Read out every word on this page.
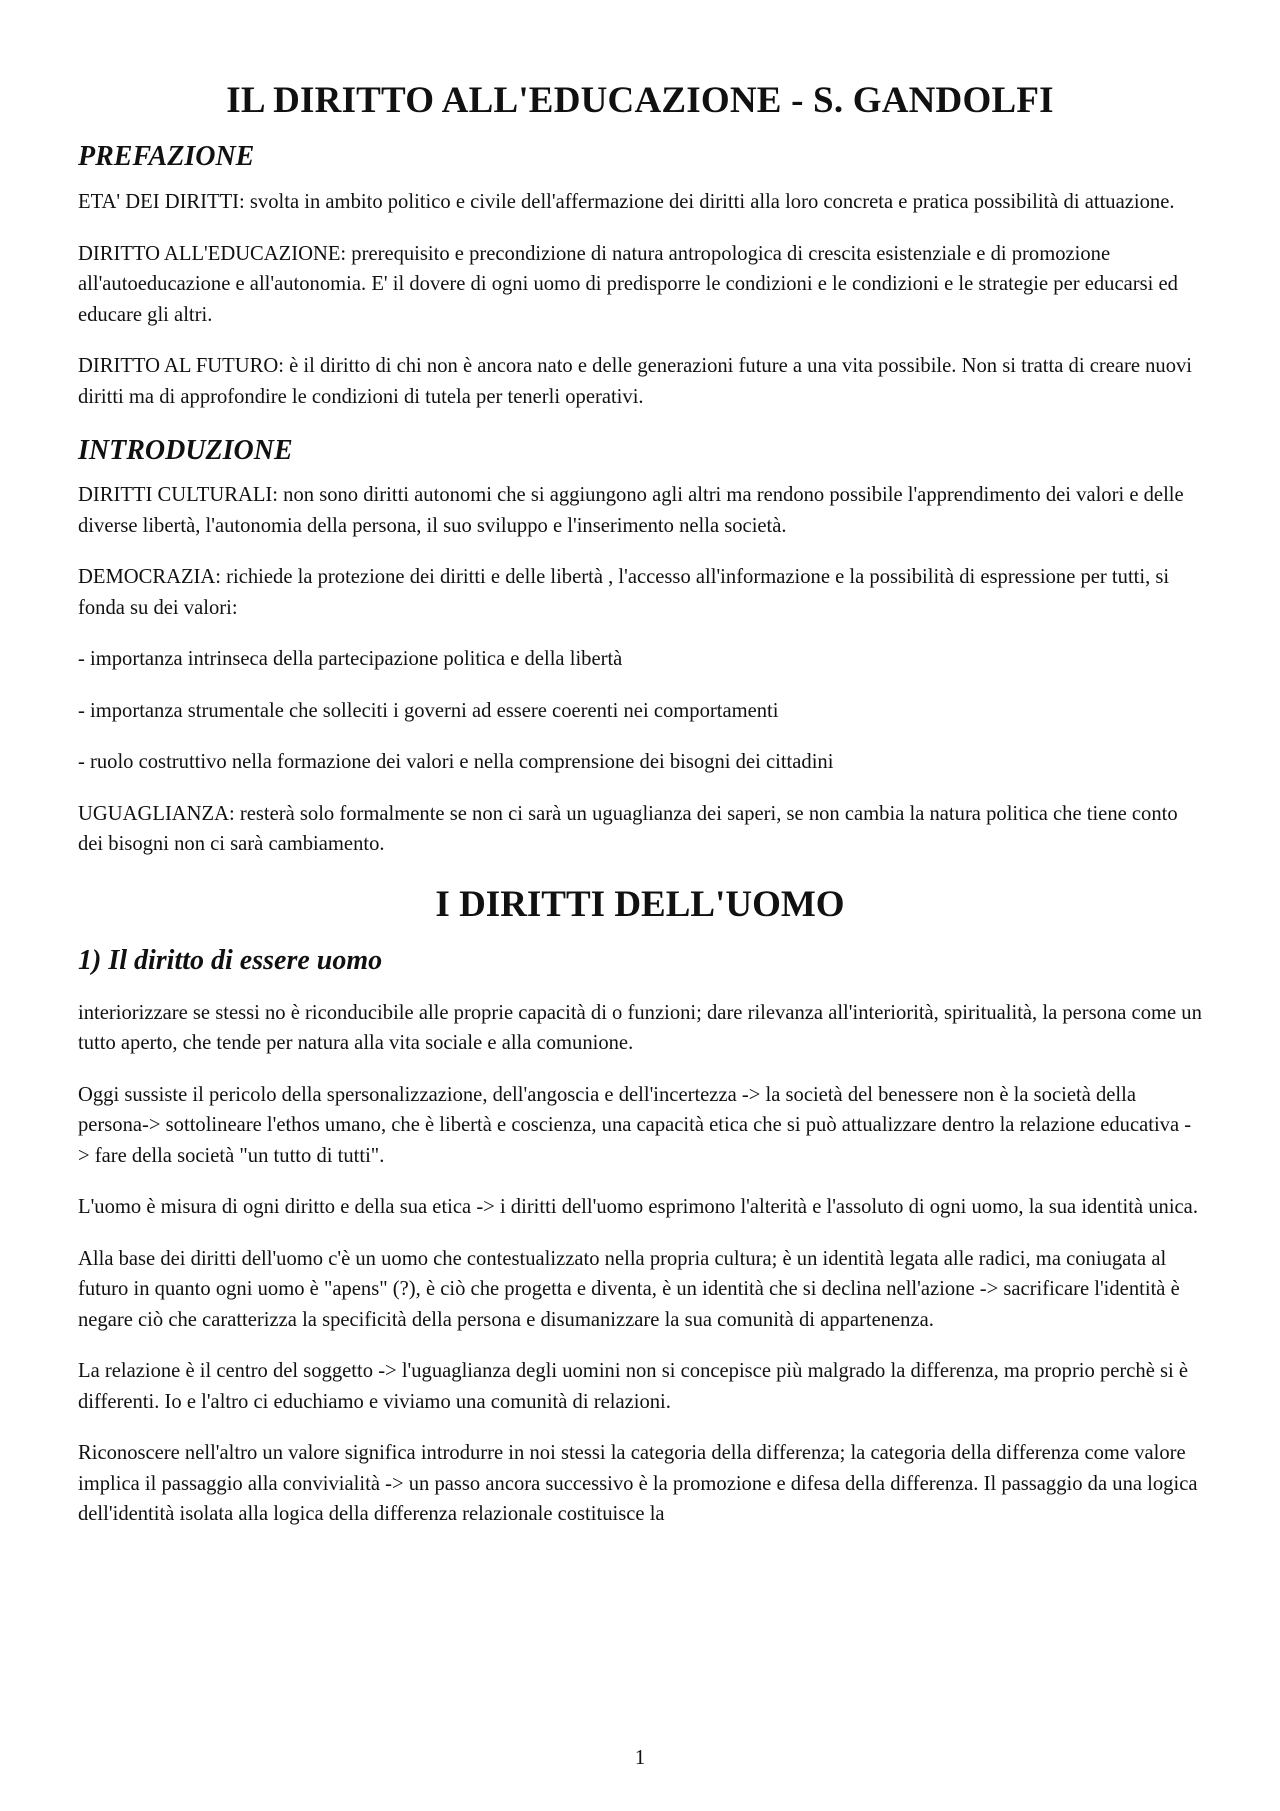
IL DIRITTO ALL'EDUCAZIONE - S. GANDOLFI
PREFAZIONE

ETA' DEI DIRITTI: svolta in ambito politico e civile dell'affermazione dei diritti alla loro concreta e pratica possibilità di attuazione.

DIRITTO ALL'EDUCAZIONE: prerequisito e precondizione di natura antropologica di crescita esistenziale e di promozione all'autoeducazione e all'autonomia. E' il dovere di ogni uomo di predisporre le condizioni e le condizioni e le strategie per educarsi ed educare gli altri.

DIRITTO AL FUTURO: è il diritto di chi non è ancora nato e delle generazioni future a una vita possibile. Non si tratta di creare nuovi diritti ma di approfondire le condizioni di tutela per tenerli operativi.

INTRODUZIONE

DIRITTI CULTURALI: non sono diritti autonomi che si aggiungono agli altri ma rendono possibile l'apprendimento dei valori e delle diverse libertà, l'autonomia della persona, il suo sviluppo e l'inserimento nella società.

DEMOCRAZIA: richiede la protezione dei diritti e delle libertà , l'accesso all'informazione e la possibilità di espressione per tutti, si fonda su dei valori:

- importanza intrinseca della partecipazione politica e della libertà

- importanza strumentale che solleciti i governi ad essere coerenti nei comportamenti

- ruolo costruttivo nella formazione dei valori e nella comprensione dei bisogni dei cittadini

UGUAGLIANZA: resterà solo formalmente se non ci sarà un uguaglianza dei saperi, se non cambia la natura politica che tiene conto dei bisogni non ci sarà cambiamento.

I DIRITTI DELL'UOMO
1) Il diritto di essere uomo

interiorizzare se stessi no è riconducibile alle proprie capacità di o funzioni; dare rilevanza all'interiorità, spiritualità, la persona come un tutto aperto, che tende per natura alla vita sociale e alla comunione.

Oggi sussiste il pericolo della spersonalizzazione, dell'angoscia e dell'incertezza -> la società del benessere non è la società della persona-> sottolineare l'ethos umano, che è libertà e coscienza, una capacità etica che si può attualizzare dentro la relazione educativa -> fare della società "un tutto di tutti".

L'uomo è misura di ogni diritto e della sua etica -> i diritti dell'uomo esprimono l'alterità e l'assoluto di ogni uomo, la sua identità unica.

Alla base dei diritti dell'uomo c'è un uomo che contestualizzato nella propria cultura; è un identità legata alle radici, ma coniugata al futuro in quanto ogni uomo è "apens" (?), è ciò che progetta e diventa, è un identità che si declina nell'azione -> sacrificare l'identità è negare ciò che caratterizza la specificità della persona e disumanizzare la sua comunità di appartenenza.

La relazione è il centro del soggetto -> l'uguaglianza degli uomini non si concepisce più malgrado la differenza, ma proprio perchè si è differenti. Io e l'altro ci educhiamo e viviamo una comunità di relazioni.

Riconoscere nell'altro un valore significa introdurre in noi stessi la categoria della differenza; la categoria della differenza come valore implica il passaggio alla convivialità -> un passo ancora successivo è la promozione e difesa della differenza. Il passaggio da una logica dell'identità isolata alla logica della differenza relazionale costituisce la

1
